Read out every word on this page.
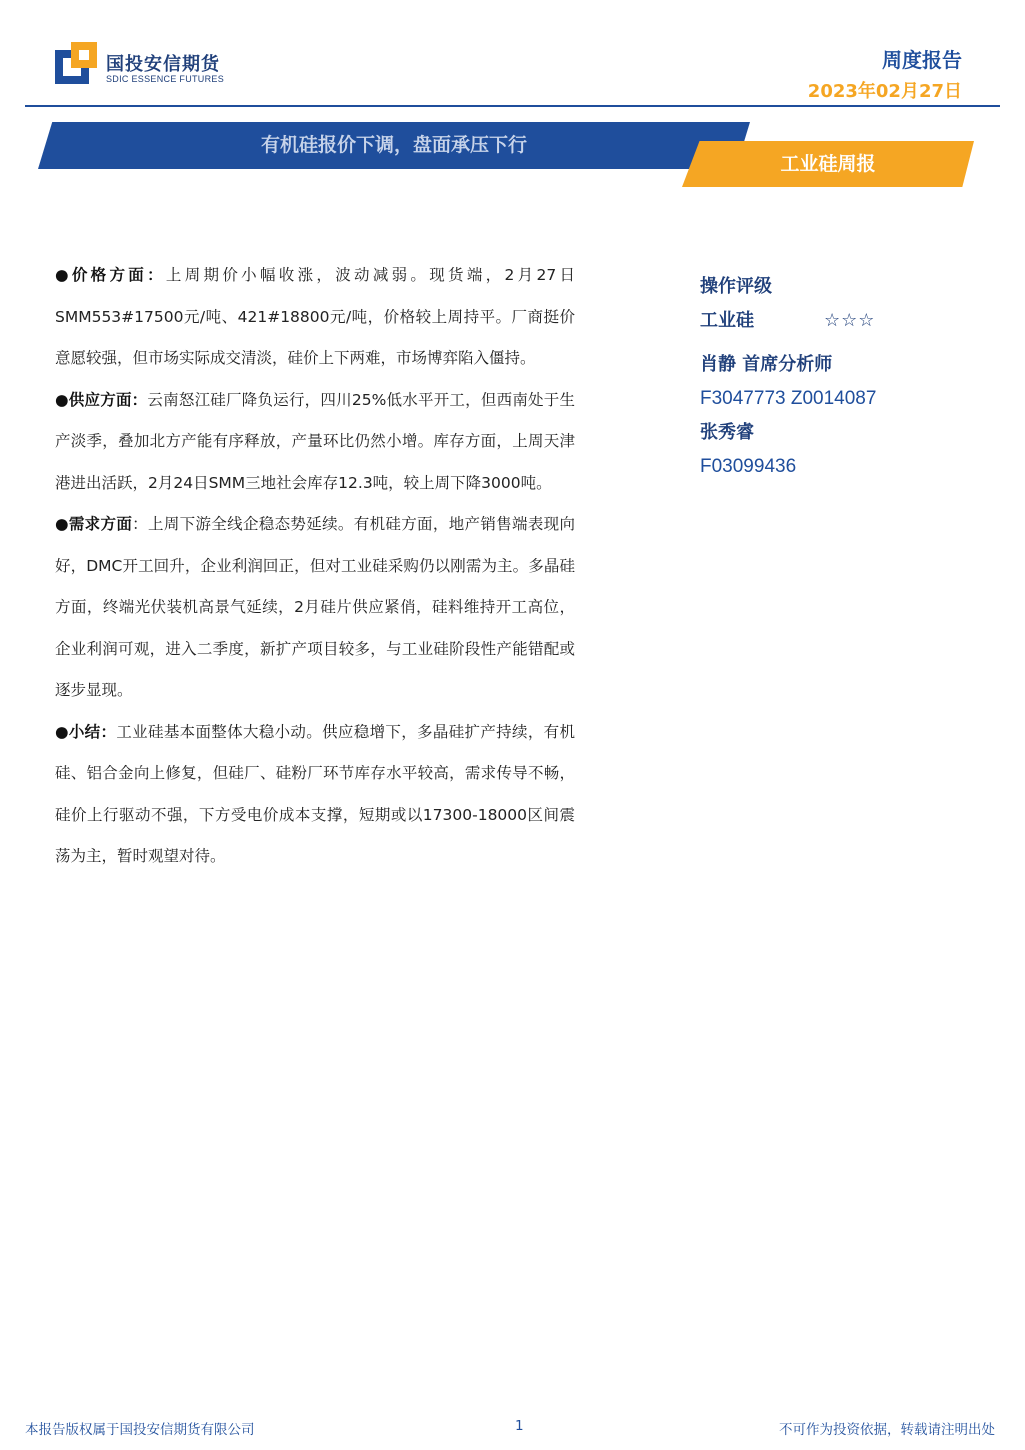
国投安信期货
SDIC ESSENCE FUTURES
周度报告
2023年02月27日
有机硅报价下调，盘面承压下行
工业硅周报

●价格方面：上周期价小幅收涨，波动减弱。现货端，2月27日SMM553#17500元/吨、421#18800元/吨，价格较上周持平。厂商挺价意愿较强，但市场实际成交清淡，硅价上下两难，市场博弈陷入僵持。

●供应方面：云南怒江硅厂降负运行，四川25%低水平开工，但西南处于生产淡季，叠加北方产能有序释放，产量环比仍然小增。库存方面，上周天津港进出活跃，2月24日SMM三地社会库存12.3吨，较上周下降3000吨。

●需求方面：上周下游全线企稳态势延续。有机硅方面，地产销售端表现向好，DMC开工回升，企业利润回正，但对工业硅采购仍以刚需为主。多晶硅方面，终端光伏装机高景气延续，2月硅片供应紧俏，硅料维持开工高位，企业利润可观，进入二季度，新扩产项目较多，与工业硅阶段性产能错配或逐步显现。

●小结：工业硅基本面整体大稳小动。供应稳增下，多晶硅扩产持续，有机硅、铝合金向上修复，但硅厂、硅粉厂环节库存水平较高，需求传导不畅，硅价上行驱动不强，下方受电价成本支撑，短期或以17300-18000区间震荡为主，暂时观望对待。

操作评级
工业硅	☆☆☆
肖静 首席分析师
F3047773 Z0014087
张秀睿
F03099436
本报告版权属于国投安信期货有限公司	1	不可作为投资依据，转载请注明出处
